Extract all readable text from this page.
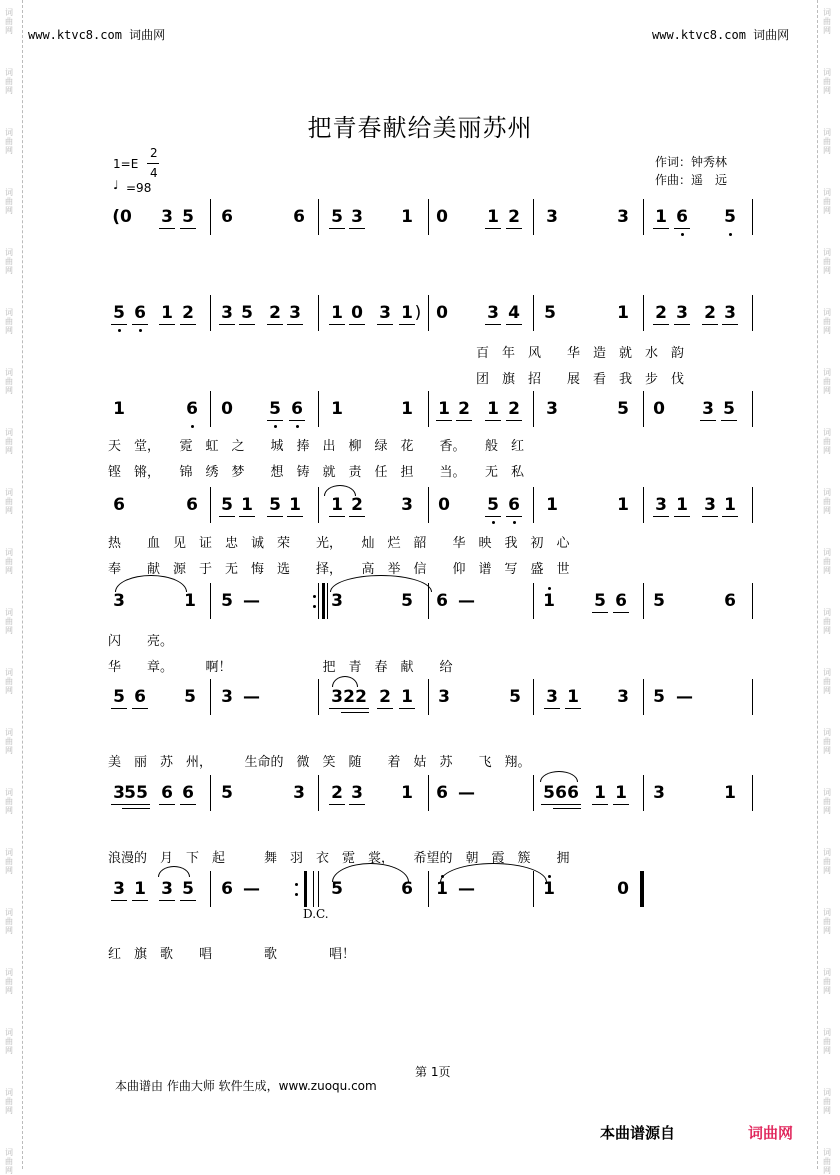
词曲网
词曲网
词曲网
词曲网
词曲网
词曲网
词曲网
词曲网
词曲网
词曲网
词曲网
词曲网
词曲网
词曲网
词曲网
词曲网
词曲网
词曲网
词曲网
词曲网
词曲网
词曲网
词曲网
词曲网
词曲网
词曲网
词曲网
词曲网
词曲网
词曲网
词曲网
词曲网
词曲网
词曲网
词曲网
词曲网
词曲网
词曲网
词曲网
词曲网
www.ktvc8.com 词曲网	www.ktvc8.com 词曲网
把青春献给美丽苏州
1=E
2
4
♩ =98
作词：钟秀林
作曲：遥　远
(0 3 5 6	6 5 3 1 0 1 2 3	3 1 6 5
5 6 1 2 3 5 2 3 1 0 3 1 0 3 4 5	1 2 3 2 3
1	6 0 5 6 1	1 1 2 1 2 3	5 0 3 5
6	6 5 1 5 1 1 2 3 0 5 6 1	1 3 1 3 1
3	1 5 —	3	5 6 —	1 5 6 5	6
5 6 5 3 —	3 2 2 2 1 3	5 3 1 3 5 —
3 5 5 6 6 5	3 2 3 1 6 —	5 6 6 1 1 3	1
3 1 3 5 6 —	5	6 1 —	1	0
)
百　年　风　　华　造　就　水　韵
团　旗　招　　展　看　我　步　伐
天　堂，　　霓　虹　之　　城　捧　出　柳　绿　花　　香。　　般　红
铿　锵，　　锦　绣　梦　　想　铸　就　责　任　担　　当。　　无　私
热　　血　见　证　忠　诚　荣　　光，　　灿　烂　韶　　华　映　我　初　心
奉　　献　源　于　无　悔　选　　择，　　高　举　信　　仰　谱　写　盛　世
闪　　亮。
华　　章。　　　啊！　　　　　　　把　青　春　献　　给
美　丽　苏　州，　　　生命的　微　笑　随　　着　姑　苏　　飞　翔。
浪漫的　月　下　起　　　舞　羽　衣　霓　裳，　　希望的　朝　霞　簇　　拥
红　旗　歌　　唱　　　　歌　　　　唱！
D.C.
第 1页
本曲谱由 作曲大师 软件生成，www.zuoqu.com
本曲谱源自	词曲网
